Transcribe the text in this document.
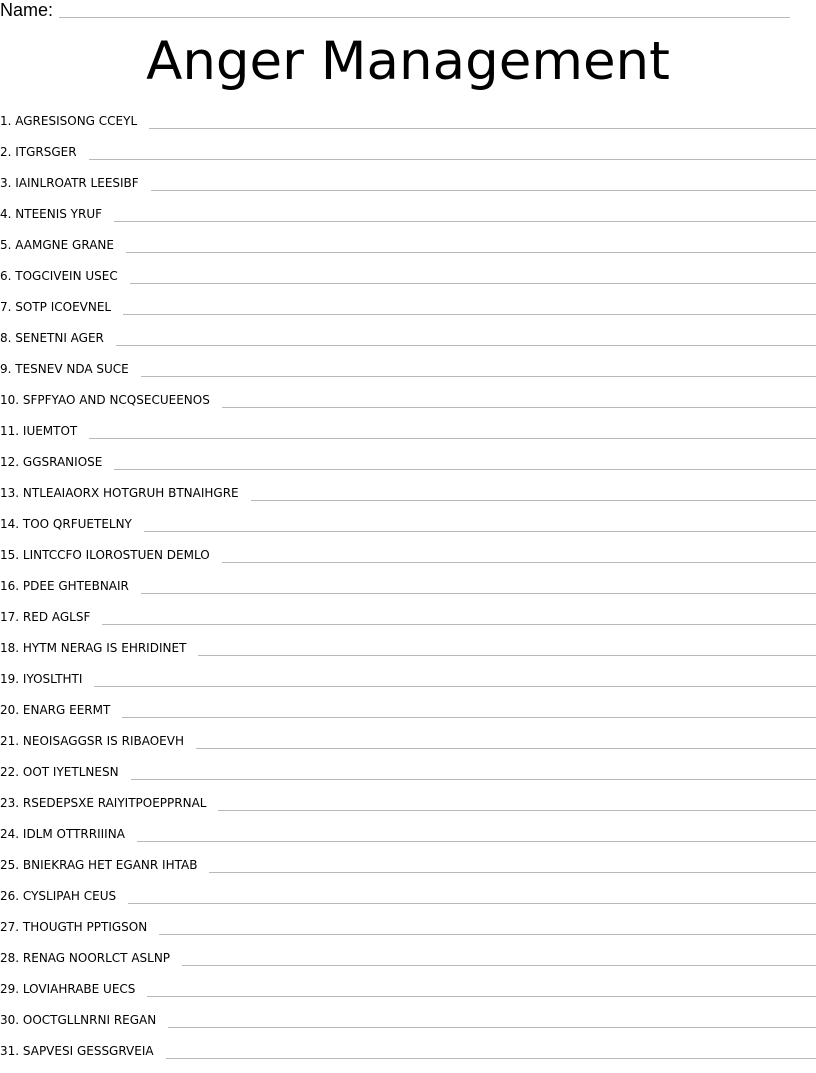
Name:
Anger Management
1. AGRESISONG CCEYL
2. ITGRSGER
3. IAINLROATR LEESIBF
4. NTEENIS YRUF
5. AAMGNE GRANE
6. TOGCIVEIN USEC
7. SOTP ICOEVNEL
8. SENETNI AGER
9. TESNEV NDA SUCE
10. SFPFYAO AND NCQSECUEENOS
11. IUEMTOT
12. GGSRANIOSE
13. NTLEAIAORX HOTGRUH BTNAIHGRE
14. TOO QRFUETELNY
15. LINTCCFO ILOROSTUEN DEMLO
16. PDEE GHTEBNAIR
17. RED AGLSF
18. HYTM NERAG IS EHRIDINET
19. IYOSLTHTI
20. ENARG EERMT
21. NEOISAGGSR IS RIBAOEVH
22. OOT IYETLNESN
23. RSEDEPSXE RAIYITPOEPPRNAL
24. IDLM OTTRRIIINA
25. BNIEKRAG HET EGANR IHTAB
26. CYSLIPAH CEUS
27. THOUGTH PPTIGSON
28. RENAG NOORLCT ASLNP
29. LOVIAHRABE UECS
30. OOCTGLLNRNI REGAN
31. SAPVESI GESSGRVEIA
